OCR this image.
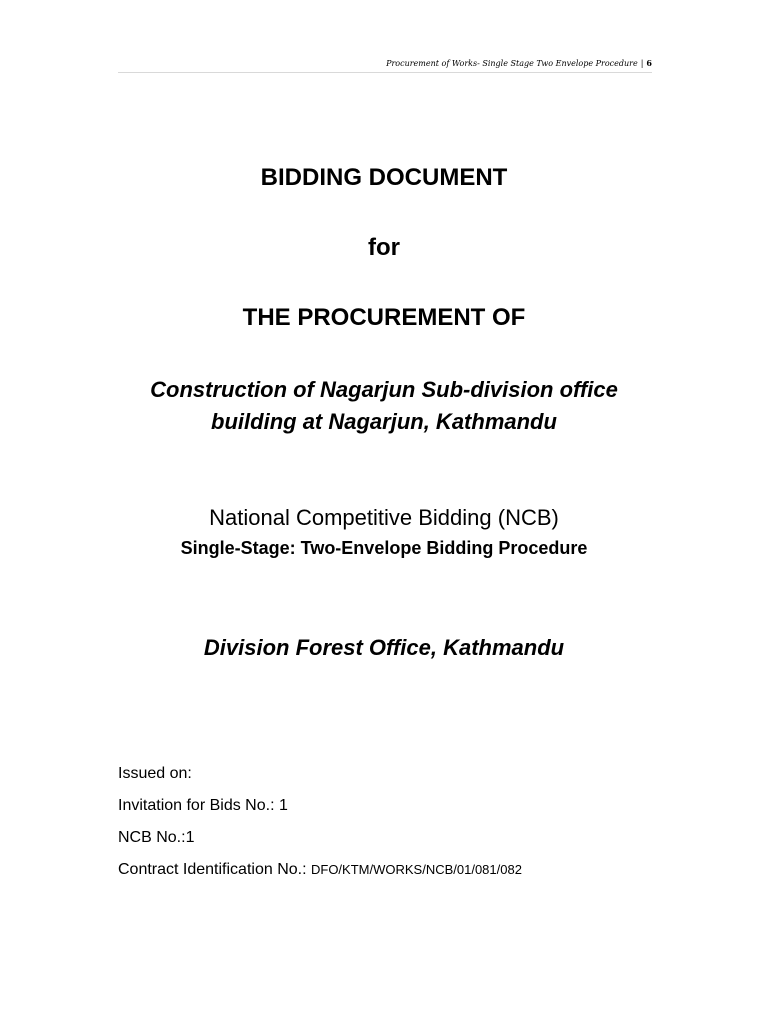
Procurement of Works- Single Stage Two Envelope Procedure | 6
BIDDING DOCUMENT
for
THE PROCUREMENT OF
Construction of Nagarjun Sub-division office
building at Nagarjun, Kathmandu
National Competitive Bidding (NCB)
Single-Stage: Two-Envelope Bidding Procedure
Division Forest Office, Kathmandu
Issued on:
Invitation for Bids No.: 1
NCB No.:1
Contract Identification No.: DFO/KTM/WORKS/NCB/01/081/082
